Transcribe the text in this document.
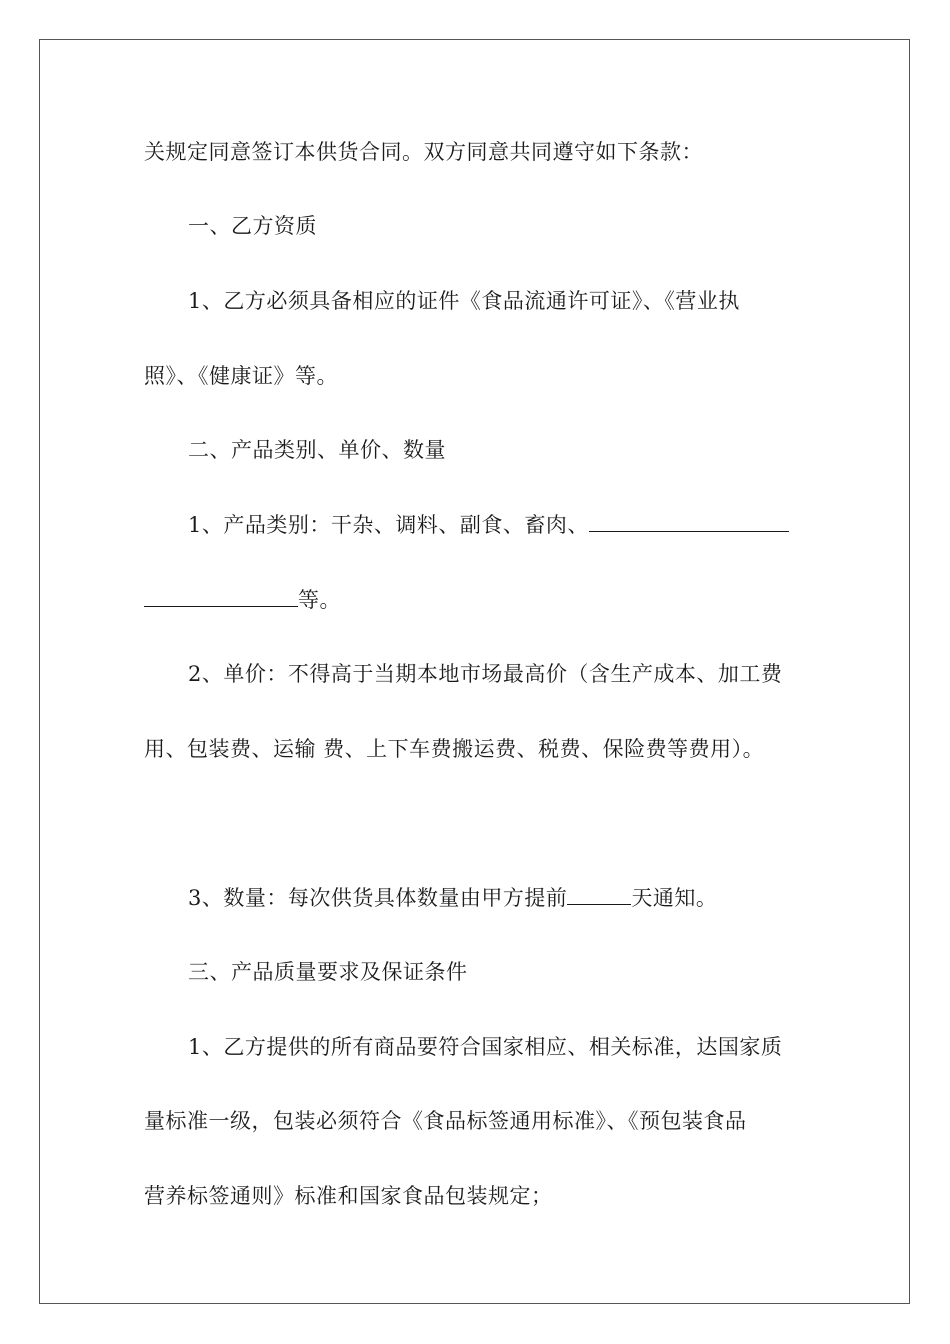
关规定同意签订本供货合同。双方同意共同遵守如下条款：
一、乙方资质
1、乙方必须具备相应的证件《食品流通许可证》、《营业执
照》、《健康证》等。
二、产品类别、单价、数量
1、产品类别：干杂、调料、副食、畜肉、
等。
2、单价：不得高于当期本地市场最高价（含生产成本、加工费
用、包装费、运输 费、上下车费搬运费、税费、保险费等费用）。
3、数量：每次供货具体数量由甲方提前	天通知。
三、产品质量要求及保证条件
1、乙方提供的所有商品要符合国家相应、相关标准，达国家质
量标准一级，包装必须符合《食品标签通用标准》、《预包装食品
营养标签通则》标准和国家食品包装规定；
